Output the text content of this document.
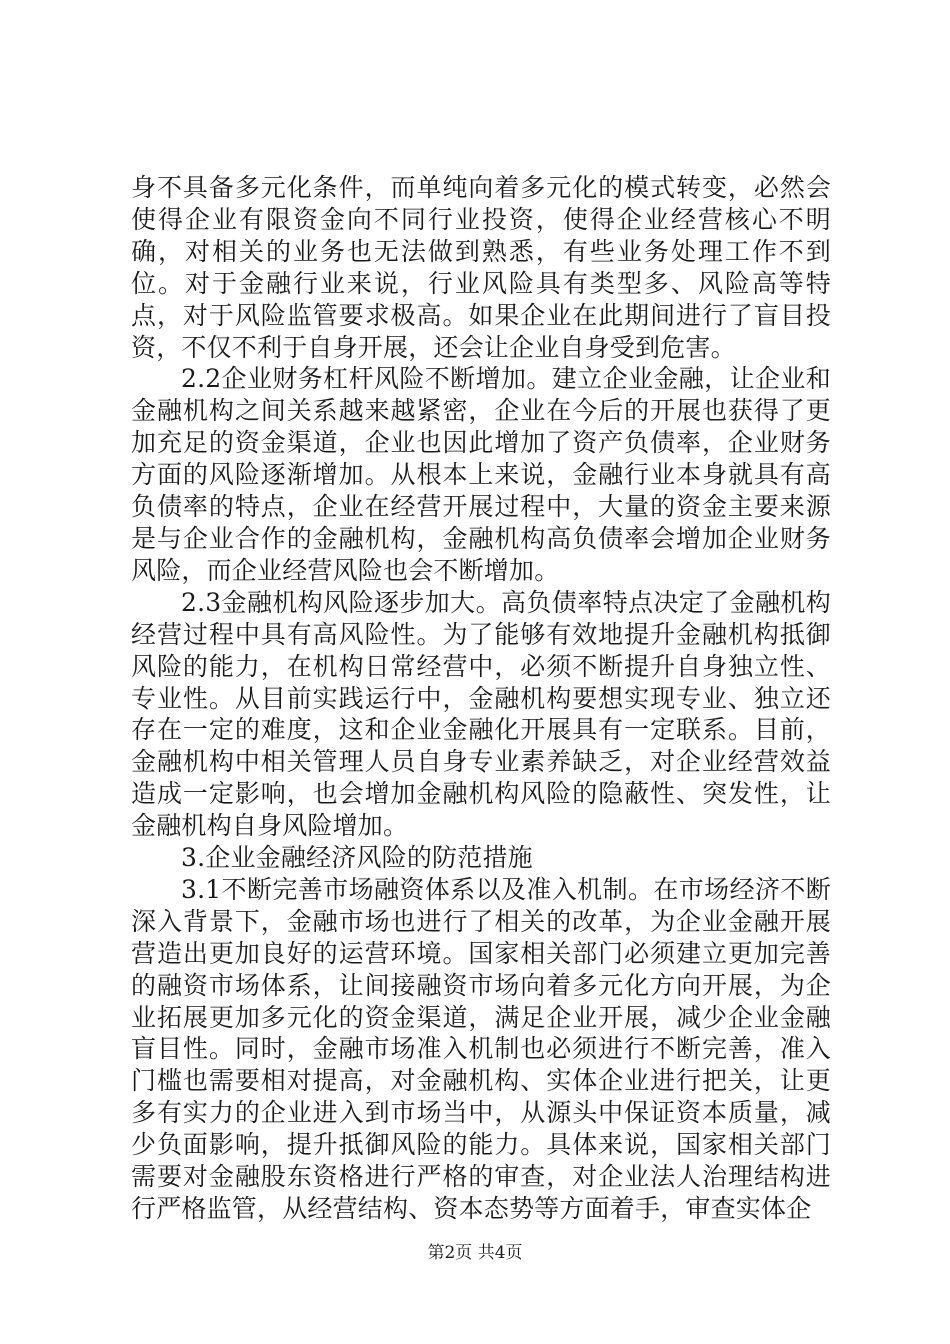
身不具备多元化条件，而单纯向着多元化的模式转变，必然会使得企业有限资金向不同行业投资，使得企业经营核心不明确，对相关的业务也无法做到熟悉，有些业务处理工作不到位。对于金融行业来说，行业风险具有类型多、风险高等特点，对于风险监管要求极高。如果企业在此期间进行了盲目投资，不仅不利于自身开展，还会让企业自身受到危害。

2.2企业财务杠杆风险不断增加。建立企业金融，让企业和金融机构之间关系越来越紧密，企业在今后的开展也获得了更加充足的资金渠道，企业也因此增加了资产负债率，企业财务方面的风险逐渐增加。从根本上来说，金融行业本身就具有高负债率的特点，企业在经营开展过程中，大量的资金主要来源是与企业合作的金融机构，金融机构高负债率会增加企业财务风险，而企业经营风险也会不断增加。

2.3金融机构风险逐步加大。高负债率特点决定了金融机构经营过程中具有高风险性。为了能够有效地提升金融机构抵御风险的能力，在机构日常经营中，必须不断提升自身独立性、专业性。从目前实践运行中，金融机构要想实现专业、独立还存在一定的难度，这和企业金融化开展具有一定联系。目前，金融机构中相关管理人员自身专业素养缺乏，对企业经营效益造成一定影响，也会增加金融机构风险的隐蔽性、突发性，让金融机构自身风险增加。

3.企业金融经济风险的防范措施

3.1不断完善市场融资体系以及准入机制。在市场经济不断深入背景下，金融市场也进行了相关的改革，为企业金融开展营造出更加良好的运营环境。国家相关部门必须建立更加完善的融资市场体系，让间接融资市场向着多元化方向开展，为企业拓展更加多元化的资金渠道，满足企业开展，减少企业金融盲目性。同时，金融市场准入机制也必须进行不断完善，准入门槛也需要相对提高，对金融机构、实体企业进行把关，让更多有实力的企业进入到市场当中，从源头中保证资本质量，减少负面影响，提升抵御风险的能力。具体来说，国家相关部门需要对金融股东资格进行严格的审查，对企业法人治理结构进行严格监管，从经营结构、资本态势等方面着手，审查实体企

第2页 共4页
